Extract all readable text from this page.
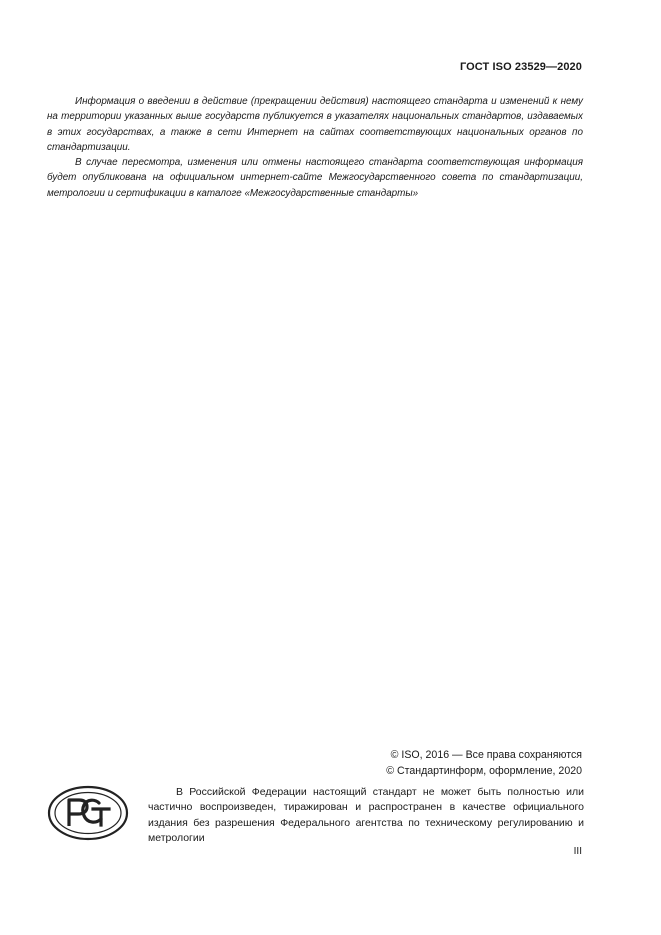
ГОСТ ISO 23529—2020

Информация о введении в действие (прекращении действия) настоящего стандарта и изменений к нему на территории указанных выше государств публикуется в указателях национальных стандартов, издаваемых в этих государствах, а также в сети Интернет на сайтах соответствующих национальных органов по стандартизации.

В случае пересмотра, изменения или отмены настоящего стандарта соответствующая информация будет опубликована на официальном интернет-сайте Межгосударственного совета по стандартизации, метрологии и сертификации в каталоге «Межгосударственные стандарты»

© ISO, 2016 — Все права сохраняются
© Стандартинформ, оформление, 2020

В Российской Федерации настоящий стандарт не может быть полностью или частично воспроизведен, тиражирован и распространен в качестве официального издания без разрешения Федерального агентства по техническому регулированию и метрологии

III
